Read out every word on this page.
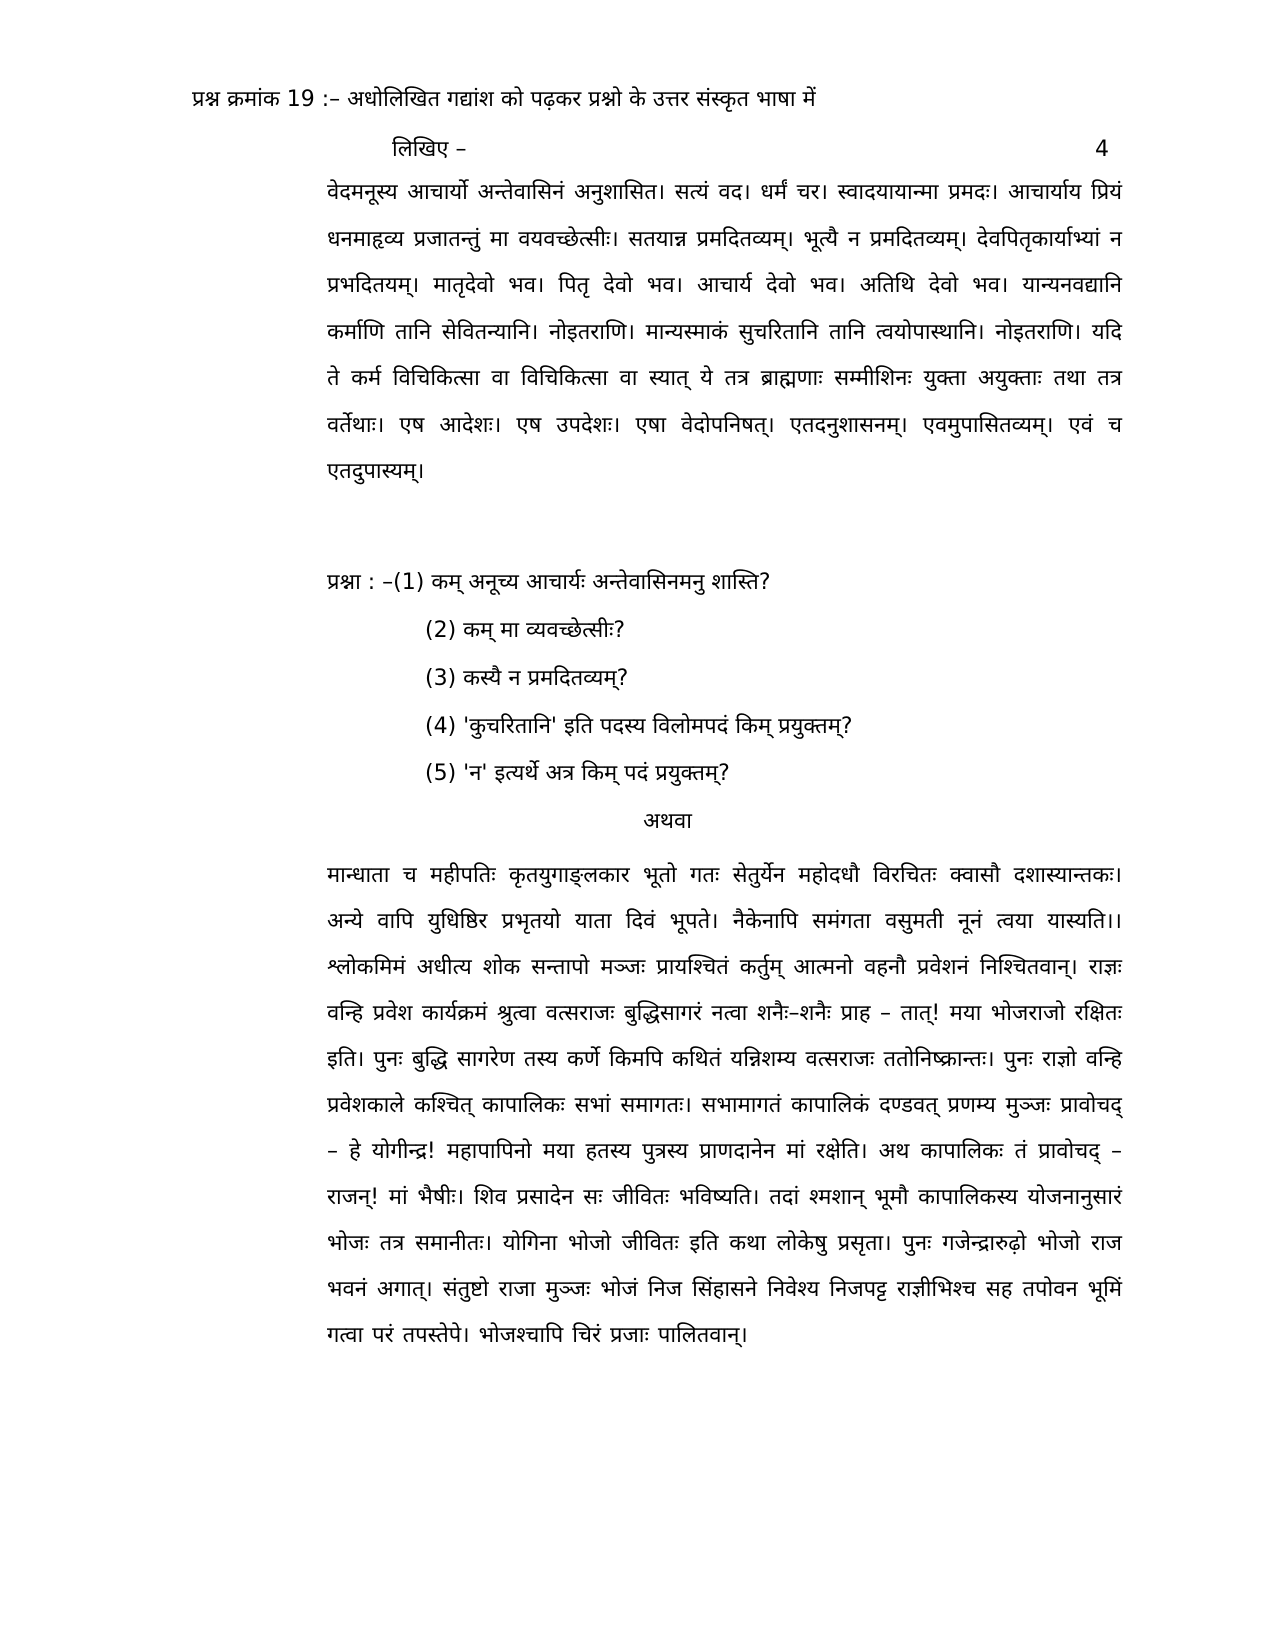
प्रश्न क्रमांक 19 :– अधोलिखित गद्यांश को पढ़कर प्रश्नो के उत्तर संस्कृत भाषा में
लिखिए –	4

वेदमनूस्य आचार्यो अन्तेवासिनं अनुशासित। सत्यं वद। धर्मं चर। स्वादयायान्मा प्रमदः। आचार्याय प्रियं धनमाहृव्य प्रजातन्तुं मा वयवच्छेत्सीः। सतयान्न प्रमदितव्यम्। भूत्यै न प्रमदितव्यम्। देवपितृकार्याभ्यां न प्रभदितयम्। मातृदेवो भव। पितृ देवो भव। आचार्य देवो भव। अतिथि देवो भव। यान्यनवद्यानि कर्माणि तानि सेवितन्यानि। नोइतराणि। मान्यस्माकं सुचरितानि तानि त्वयोपास्थानि। नोइतराणि। यदि ते कर्म विचिकित्सा वा विचिकित्सा वा स्यात् ये तत्र ब्राह्मणाः सम्मीशिनः युक्ता अयुक्ताः तथा तत्र वर्तेथाः। एष आदेशः। एष उपदेशः। एषा वेदोपनिषत्। एतदनुशासनम्। एवमुपासितव्यम्। एवं च एतदुपास्यम्।

प्रश्ना : –(1) कम् अनूच्य आचार्यः अन्तेवासिनमनु शास्ति?
(2) कम् मा व्यवच्छेत्सीः?
(3) कस्यै न प्रमदितव्यम्?
(4) 'कुचरितानि' इति पदस्य विलोमपदं किम् प्रयुक्तम्?
(5) 'न' इत्यर्थे अत्र किम् पदं प्रयुक्तम्?
अथवा

मान्धाता च महीपतिः कृतयुगाङ्लकार भूतो गतः सेतुर्येन महोदधौ विरचितः क्वासौ दशास्यान्तकः। अन्ये वापि युधिष्ठिर प्रभृतयो याता दिवं भूपते। नैकेनापि समंगता वसुमती नूनं त्वया यास्यति।। श्लोकमिमं अधीत्य शोक सन्तापो मञ्जः प्रायश्चितं कर्तुम् आत्मनो वहनौ प्रवेशनं निश्चितवान्। राज्ञः वन्हि प्रवेश कार्यक्रमं श्रुत्वा वत्सराजः बुद्धिसागरं नत्वा शनैः–शनैः प्राह – तात्! मया भोजराजो रक्षितः इति। पुनः बुद्धि सागरेण तस्य कर्णे किमपि कथितं यन्निशम्य वत्सराजः ततोनिष्क्रान्तः। पुनः राज्ञो वन्हि प्रवेशकाले कश्चित् कापालिकः सभां समागतः। सभामागतं कापालिकं दण्डवत् प्रणम्य मुञ्जः प्रावोचद् – हे योगीन्द्र! महापापिनो मया हतस्य पुत्रस्य प्राणदानेन मां रक्षेति। अथ कापालिकः तं प्रावोचद् – राजन्! मां भैषीः। शिव प्रसादेन सः जीवितः भविष्यति। तदां श्मशान् भूमौ कापालिकस्य योजनानुसारं भोजः तत्र समानीतः। योगिना भोजो जीवितः इति कथा लोकेषु प्रसृता। पुनः गजेन्द्रारुढ़ो भोजो राज भवनं अगात्। संतुष्टो राजा मुञ्जः भोजं निज सिंहासने निवेश्य निजपट्ट राज्ञीभिश्च सह तपोवन भूमिं गत्वा परं तपस्तेपे। भोजश्चापि चिरं प्रजाः पालितवान्।
